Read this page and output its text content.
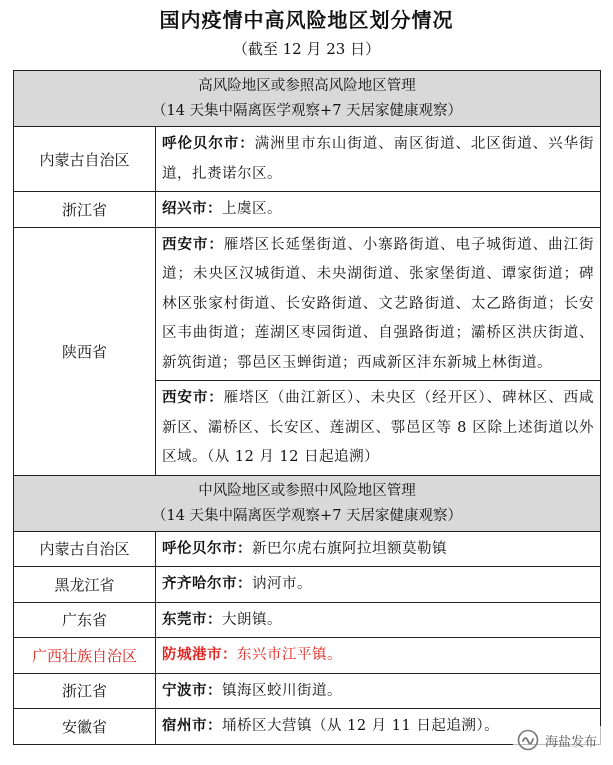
国内疫情中高风险地区划分情况
（截至 12 月 23 日）
高风险地区或参照高风险地区管理
（14 天集中隔离医学观察+7 天居家健康观察）	

内蒙古自治区	呼伦贝尔市：满洲里市东山街道、南区街道、北区街道、兴华街道，扎赉诺尔区。
浙江省	绍兴市：上虞区。
陕西省	西安市：雁塔区长延堡街道、小寨路街道、电子城街道、曲江街道；未央区汉城街道、未央湖街道、张家堡街道、谭家街道；碑林区张家村街道、长安路街道、文艺路街道、太乙路街道；长安区韦曲街道；莲湖区枣园街道、自强路街道；灞桥区洪庆街道、新筑街道；鄠邑区玉蝉街道；西咸新区沣东新城上林街道。
	西安市：雁塔区（曲江新区）、未央区（经开区）、碑林区、西咸新区、灞桥区、长安区、莲湖区、鄠邑区等 8 区除上述街道以外区域。（从 12 月 12 日起追溯）

中风险地区或参照中风险地区管理
（14 天集中隔离医学观察+7 天居家健康观察）	

内蒙古自治区	呼伦贝尔市：新巴尔虎右旗阿拉坦额莫勒镇
黑龙江省	齐齐哈尔市：讷河市。
广东省	东莞市：大朗镇。
广西壮族自治区	防城港市：东兴市江平镇。
浙江省	宁波市：镇海区蛟川街道。
安徽省	宿州市：埇桥区大营镇（从 12 月 11 日起追溯）。
海盐发布
